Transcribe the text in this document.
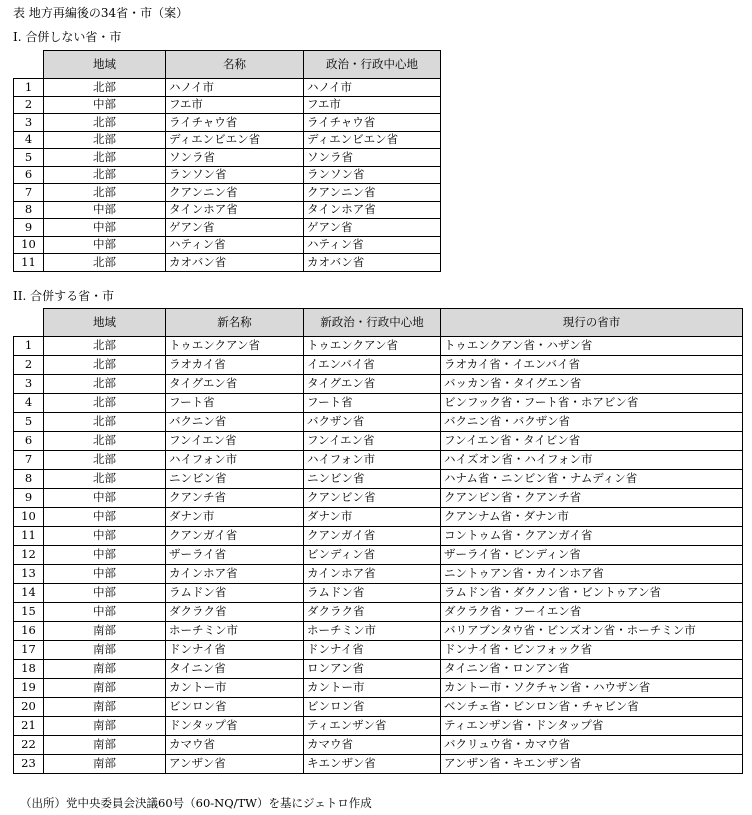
表 地方再編後の34省・市（案）
I. 合併しない省・市
	地域	名称	政治・行政中心地
1	北部	ハノイ市	ハノイ市
2	中部	フエ市	フエ市
3	北部	ライチャウ省	ライチャウ省
4	北部	ディエンビエン省	ディエンビエン省
5	北部	ソンラ省	ソンラ省
6	北部	ランソン省	ランソン省
7	北部	クアンニン省	クアンニン省
8	中部	タインホア省	タインホア省
9	中部	ゲアン省	ゲアン省
10	中部	ハティン省	ハティン省
11	北部	カオバン省	カオバン省
II. 合併する省・市
	地域	新名称	新政治・行政中心地	現行の省市
1	北部	トゥエンクアン省	トゥエンクアン省	トゥエンクアン省・ハザン省
2	北部	ラオカイ省	イエンバイ省	ラオカイ省・イエンバイ省
3	北部	タイグエン省	タイグエン省	バッカン省・タイグエン省
4	北部	フート省	フート省	ビンフック省・フート省・ホアビン省
5	北部	バクニン省	バクザン省	バクニン省・バクザン省
6	北部	フンイエン省	フンイエン省	フンイエン省・タイビン省
7	北部	ハイフォン市	ハイフォン市	ハイズオン省・ハイフォン市
8	北部	ニンビン省	ニンビン省	ハナム省・ニンビン省・ナムディン省
9	中部	クアンチ省	クアンビン省	クアンビン省・クアンチ省
10	中部	ダナン市	ダナン市	クアンナム省・ダナン市
11	中部	クアンガイ省	クアンガイ省	コントゥム省・クアンガイ省
12	中部	ザーライ省	ビンディン省	ザーライ省・ビンディン省
13	中部	カインホア省	カインホア省	ニントゥアン省・カインホア省
14	中部	ラムドン省	ラムドン省	ラムドン省・ダクノン省・ビントゥアン省
15	中部	ダクラク省	ダクラク省	ダクラク省・フーイエン省
16	南部	ホーチミン市	ホーチミン市	バリアブンタウ省・ビンズオン省・ホーチミン市
17	南部	ドンナイ省	ドンナイ省	ドンナイ省・ビンフォック省
18	南部	タイニン省	ロンアン省	タイニン省・ロンアン省
19	南部	カントー市	カントー市	カントー市・ソクチャン省・ハウザン省
20	南部	ビンロン省	ビンロン省	ベンチェ省・ビンロン省・チャビン省
21	南部	ドンタップ省	ティエンザン省	ティエンザン省・ドンタップ省
22	南部	カマウ省	カマウ省	バクリュウ省・カマウ省
23	南部	アンザン省	キエンザン省	アンザン省・キエンザン省
（出所）党中央委員会決議60号（60-NQ/TW）を基にジェトロ作成
